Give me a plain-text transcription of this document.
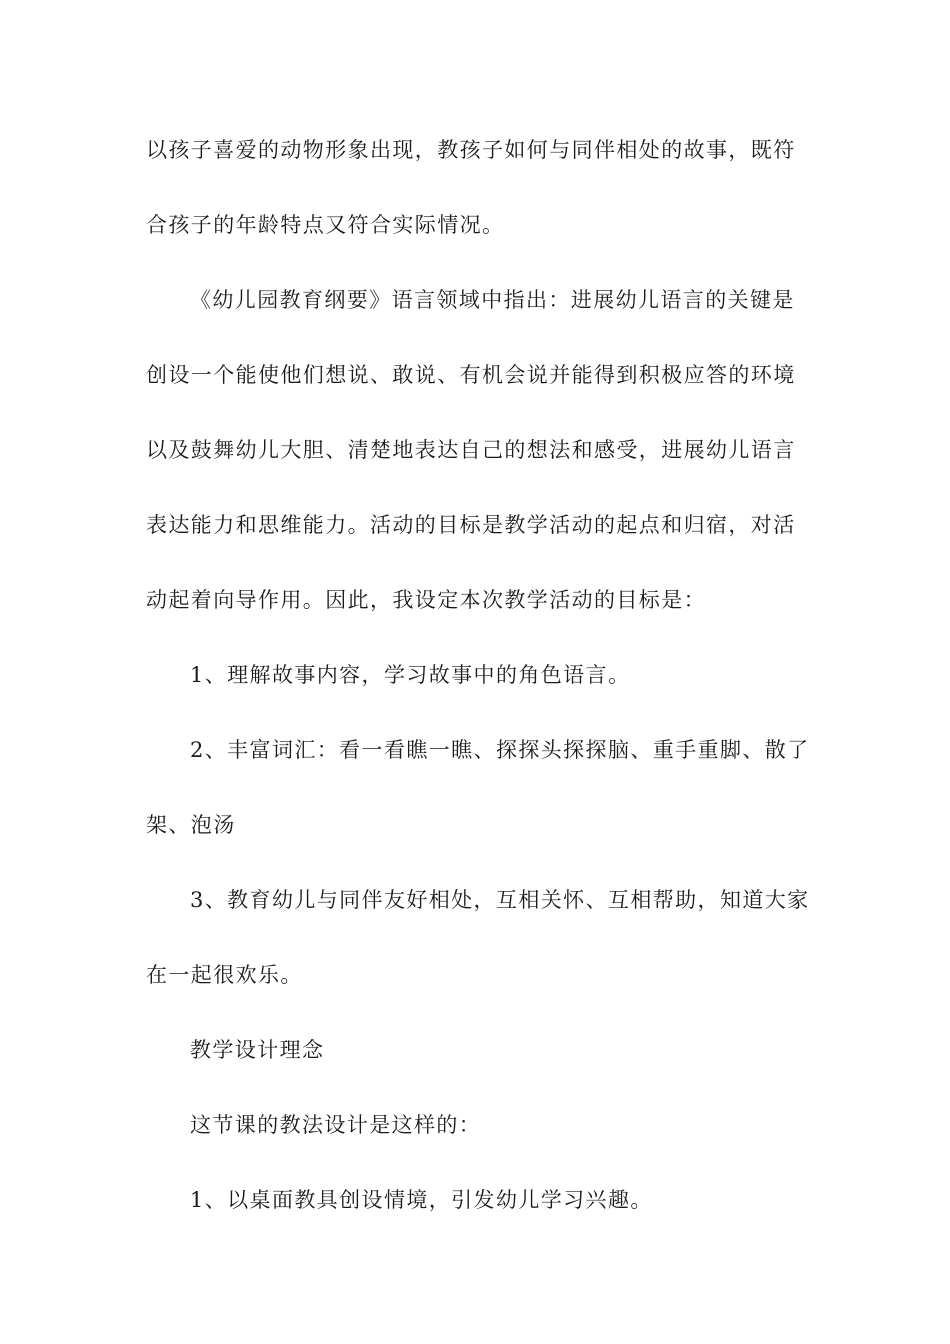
以孩子喜爱的动物形象出现，教孩子如何与同伴相处的故事，既符
合孩子的年龄特点又符合实际情况。
《幼儿园教育纲要》语言领域中指出：进展幼儿语言的关键是
创设一个能使他们想说、敢说、有机会说并能得到积极应答的环境
以及鼓舞幼儿大胆、清楚地表达自己的想法和感受，进展幼儿语言
表达能力和思维能力。活动的目标是教学活动的起点和归宿，对活
动起着向导作用。因此，我设定本次教学活动的目标是：
1、理解故事内容，学习故事中的角色语言。
2、丰富词汇：看一看瞧一瞧、探探头探探脑、重手重脚、散了
架、泡汤
3、教育幼儿与同伴友好相处，互相关怀、互相帮助，知道大家
在一起很欢乐。
教学设计理念
这节课的教法设计是这样的：
1、以桌面教具创设情境，引发幼儿学习兴趣。
